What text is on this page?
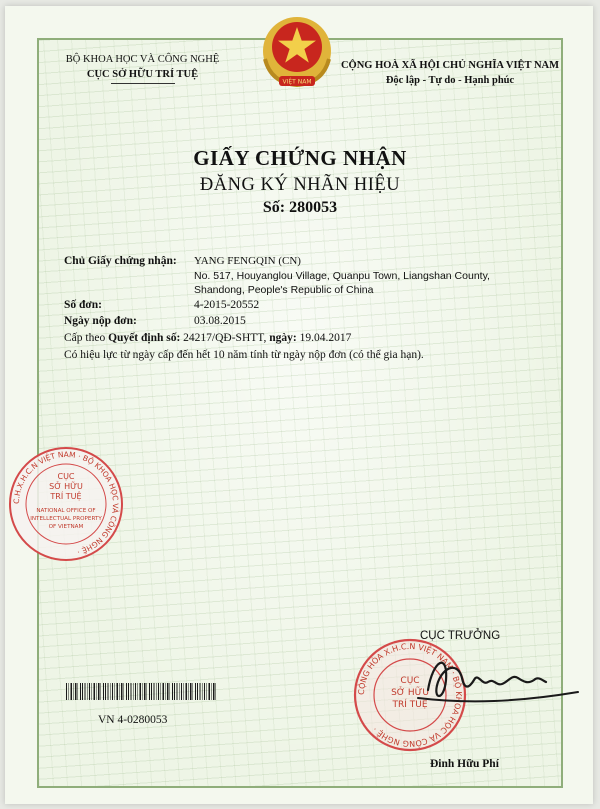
VIỆT NAM
BỘ KHOA HỌC VÀ CÔNG NGHỆ
CỤC SỞ HỮU TRÍ TUỆ
CỘNG HOÀ XÃ HỘI CHỦ NGHĨA VIỆT NAM
Độc lập - Tự do - Hạnh phúc
GIẤY CHỨNG NHẬN
ĐĂNG KÝ NHÃN HIỆU
Số: 280053
Chủ Giấy chứng nhận: YANG FENGQIN (CN)
No. 517, Houyanglou Village, Quanpu Town, Liangshan County,
Shandong, People's Republic of China
Số đơn:	4-2015-20552
Ngày nộp đơn:	03.08.2015
Cấp theo Quyết định số: 24217/QĐ-SHTT, ngày: 19.04.2017
Có hiệu lực từ ngày cấp đến hết 10 năm tính từ ngày nộp đơn (có thể gia hạn).
C.H.X.H.C.N VIỆT NAM · BỘ KHOA HỌC VÀ CÔNG NGHỆ ·
CỤC
SỞ HỮU
TRÍ TUỆ
NATIONAL OFFICE OF
INTELLECTUAL PROPERTY
OF VIETNAM
CỤC TRƯỞNG
CỘNG HÒA X.H.C.N VIỆT NAM · BỘ KHOA HỌC VÀ CÔNG NGHỆ ·
CỤC
SỞ HỮU
TRÍ TUỆ
VN 4-0280053
Đinh Hữu Phí
